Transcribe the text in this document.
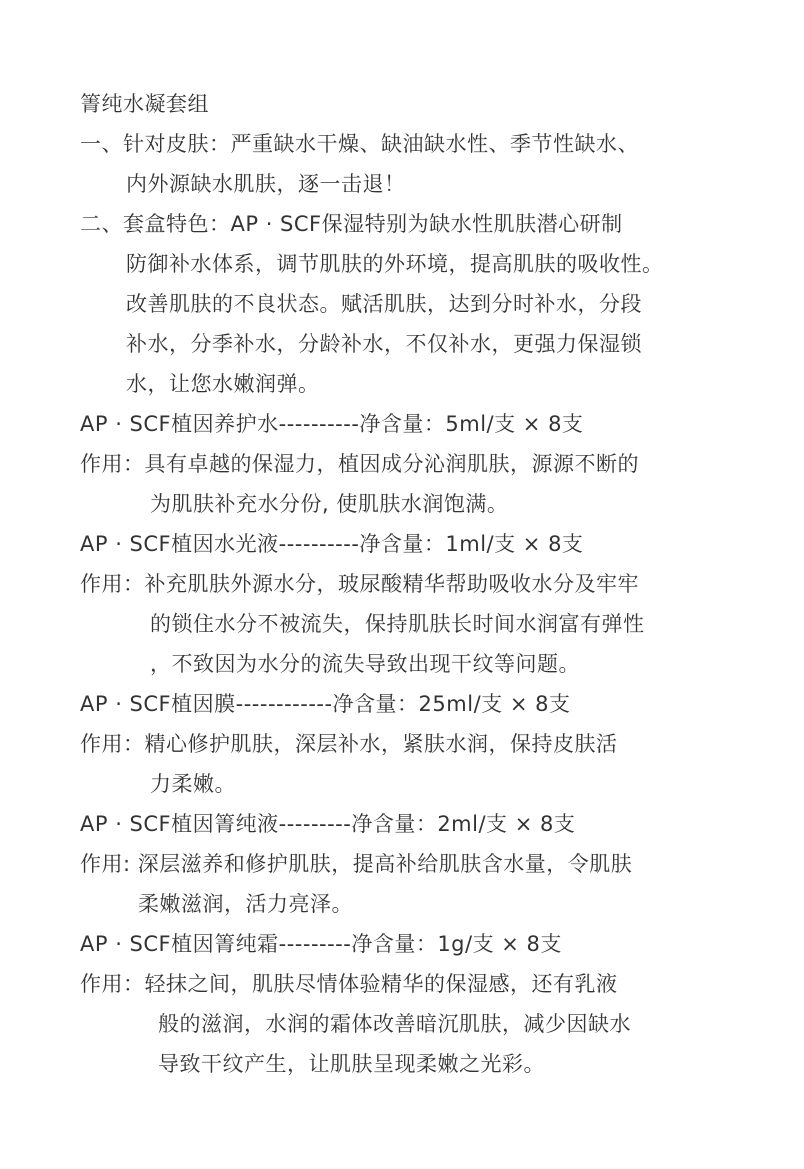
箐纯水凝套组
一、针对皮肤：严重缺水干燥、缺油缺水性、季节性缺水、
内外源缺水肌肤，逐一击退！
二、套盒特色：AP · SCF保湿特别为缺水性肌肤潜心研制
防御补水体系，调节肌肤的外环境，提高肌肤的吸收性。
改善肌肤的不良状态。赋活肌肤，达到分时补水，分段
补水，分季补水，分龄补水，不仅补水，更强力保湿锁
水，让您水嫩润弹。
AP · SCF植因养护水----------净含量：5ml/支 × 8支
作用：具有卓越的保湿力，植因成分沁润肌肤，源源不断的
为肌肤补充水分份, 使肌肤水润饱满。
AP · SCF植因水光液----------净含量：1ml/支 × 8支
作用：补充肌肤外源水分，玻尿酸精华帮助吸收水分及牢牢
的锁住水分不被流失，保持肌肤长时间水润富有弹性
，不致因为水分的流失导致出现干纹等问题。
AP · SCF植因膜------------净含量：25ml/支 × 8支
作用：精心修护肌肤，深层补水，紧肤水润，保持皮肤活
力柔嫩。
AP · SCF植因箐纯液---------净含量：2ml/支 × 8支
作用: 深层滋养和修护肌肤，提高补给肌肤含水量，令肌肤
柔嫩滋润，活力亮泽。
AP · SCF植因箐纯霜---------净含量：1g/支 × 8支
作用：轻抹之间，肌肤尽情体验精华的保湿感，还有乳液
般的滋润，水润的霜体改善暗沉肌肤，减少因缺水
导致干纹产生，让肌肤呈现柔嫩之光彩。
